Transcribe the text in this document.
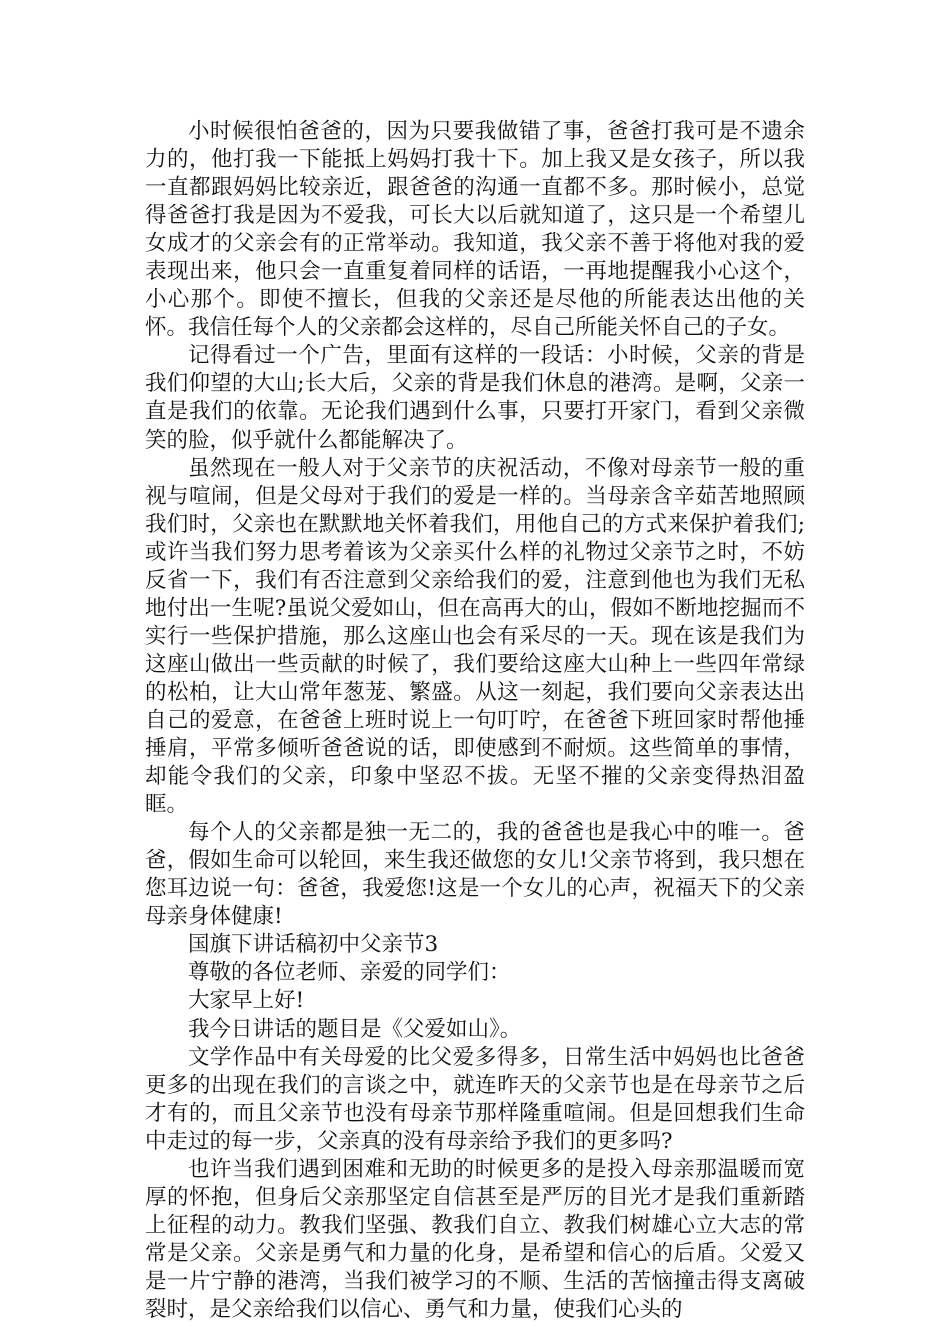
小时候很怕爸爸的，因为只要我做错了事，爸爸打我可是不遗余力的，他打我一下能抵上妈妈打我十下。加上我又是女孩子，所以我一直都跟妈妈比较亲近，跟爸爸的沟通一直都不多。那时候小，总觉得爸爸打我是因为不爱我，可长大以后就知道了，这只是一个希望儿女成才的父亲会有的正常举动。我知道，我父亲不善于将他对我的爱表现出来，他只会一直重复着同样的话语，一再地提醒我小心这个，小心那个。即使不擅长，但我的父亲还是尽他的所能表达出他的关怀。我信任每个人的父亲都会这样的，尽自己所能关怀自己的子女。

记得看过一个广告，里面有这样的一段话：小时候，父亲的背是我们仰望的大山;长大后，父亲的背是我们休息的港湾。是啊，父亲一直是我们的依靠。无论我们遇到什么事，只要打开家门，看到父亲微笑的脸，似乎就什么都能解决了。

虽然现在一般人对于父亲节的庆祝活动，不像对母亲节一般的重视与喧闹，但是父母对于我们的爱是一样的。当母亲含辛茹苦地照顾我们时，父亲也在默默地关怀着我们，用他自己的方式来保护着我们;或许当我们努力思考着该为父亲买什么样的礼物过父亲节之时，不妨反省一下，我们有否注意到父亲给我们的爱，注意到他也为我们无私地付出一生呢?虽说父爱如山，但在高再大的山，假如不断地挖掘而不实行一些保护措施，那么这座山也会有采尽的一天。现在该是我们为这座山做出一些贡献的时候了，我们要给这座大山种上一些四年常绿的松柏，让大山常年葱茏、繁盛。从这一刻起，我们要向父亲表达出自己的爱意，在爸爸上班时说上一句叮咛，在爸爸下班回家时帮他捶捶肩，平常多倾听爸爸说的话，即使感到不耐烦。这些简单的事情，却能令我们的父亲，印象中坚忍不拔。无坚不摧的父亲变得热泪盈眶。

每个人的父亲都是独一无二的，我的爸爸也是我心中的唯一。爸爸，假如生命可以轮回，来生我还做您的女儿!父亲节将到，我只想在您耳边说一句：爸爸，我爱您!这是一个女儿的心声，祝福天下的父亲母亲身体健康!

国旗下讲话稿初中父亲节3

尊敬的各位老师、亲爱的同学们：

大家早上好!

我今日讲话的题目是《父爱如山》。

文学作品中有关母爱的比父爱多得多，日常生活中妈妈也比爸爸更多的出现在我们的言谈之中，就连昨天的父亲节也是在母亲节之后才有的，而且父亲节也没有母亲节那样隆重喧闹。但是回想我们生命中走过的每一步，父亲真的没有母亲给予我们的更多吗?

也许当我们遇到困难和无助的时候更多的是投入母亲那温暖而宽厚的怀抱，但身后父亲那坚定自信甚至是严厉的目光才是我们重新踏上征程的动力。教我们坚强、教我们自立、教我们树雄心立大志的常常是父亲。父亲是勇气和力量的化身，是希望和信心的后盾。父爱又是一片宁静的港湾，当我们被学习的不顺、生活的苦恼撞击得支离破裂时，是父亲给我们以信心、勇气和力量，使我们心头的
